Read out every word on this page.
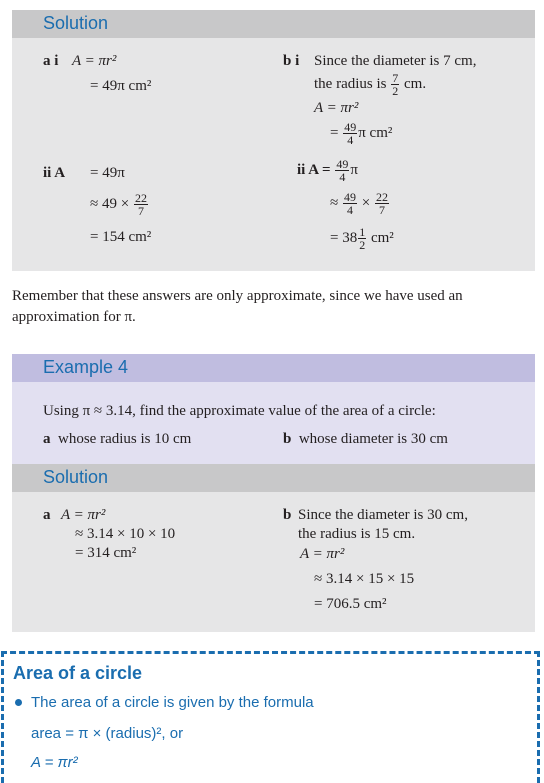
Solution
a i A = πr²
= 49π cm²
ii A = 49π
≈ $49 \times \frac{22}{7}$
= 154 cm²
b i Since the diameter is 7 cm,
the radius is $\frac{7}{2}$ cm.
A = πr²
= $\frac{49}{4}$ π cm²
ii $A = \frac{49}{4}$ π
≈ $\frac{49}{4} \times \frac{22}{7}$
= $38 \frac{1}{2} cm^2$
Remember that these answers are only approximate, since we have used an approximation for π.
Example 4
Using π ≈ 3.14, find the approximate value of the area of a circle:
a whose radius is 10 cm	b whose diameter is 30 cm
Solution
a A = πr²
≈ 3.14 × 10 × 10
= 314 cm²
b Since the diameter is 30 cm,
the radius is 15 cm.
A = πr²
≈ 3.14 × 15 × 15
= 706.5 cm²
Area of a circle
The area of a circle is given by the formula
area = π × (radius)², or
A = πr²
